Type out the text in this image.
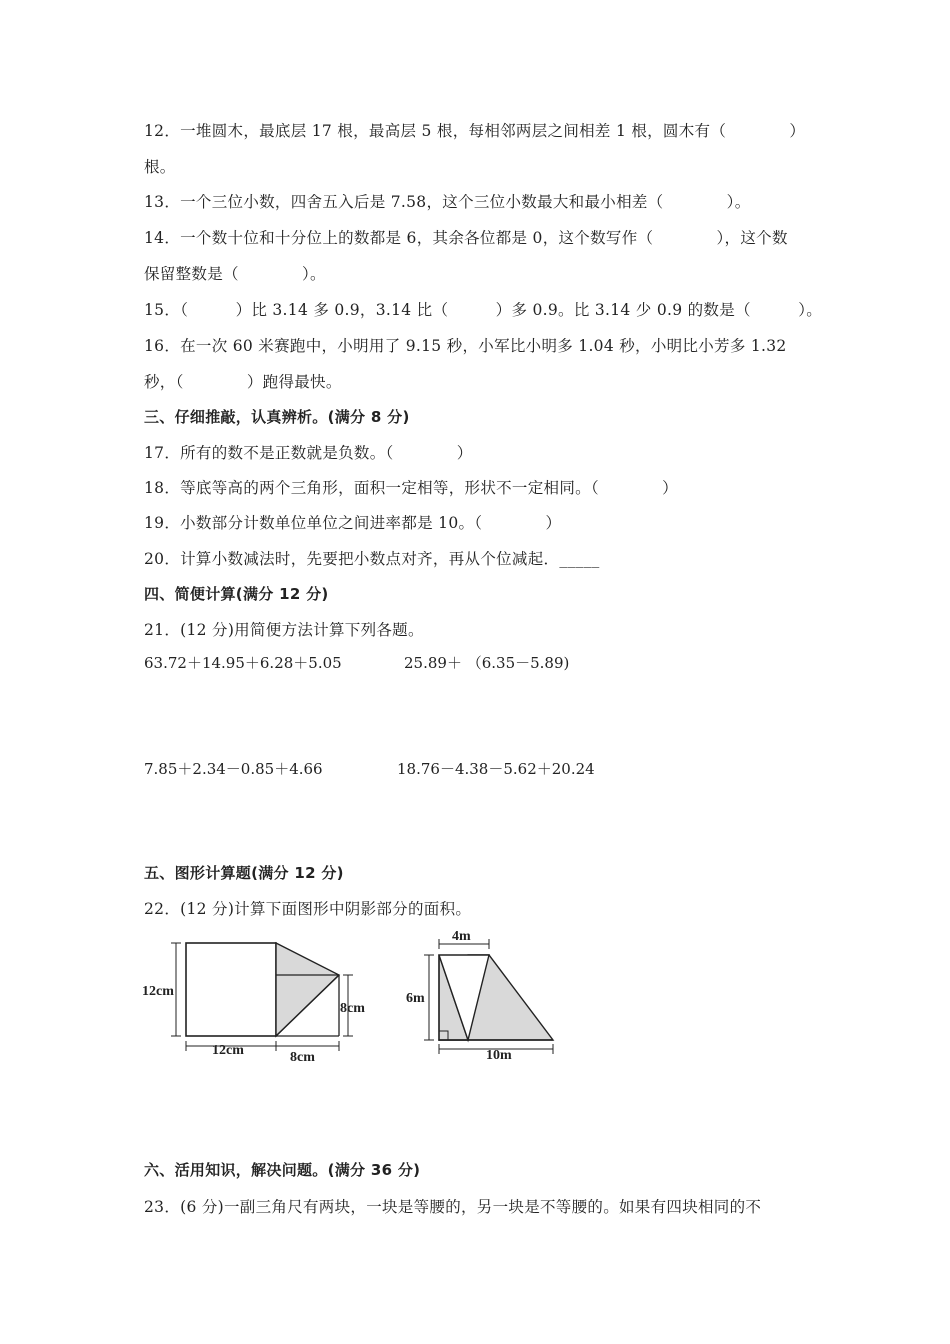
12．一堆圆木，最底层 17 根，最高层 5 根，每相邻两层之间相差 1 根，圆木有（　　　　）
根。
13．一个三位小数，四舍五入后是 7.58，这个三位小数最大和最小相差（　　　　）。
14．一个数十位和十分位上的数都是 6，其余各位都是 0，这个数写作（　　　　），这个数
保留整数是（　　　　）。
15．（　　　）比 3.14 多 0.9，3.14 比（　　　）多 0.9。比 3.14 少 0.9 的数是（　　　）。
16．在一次 60 米赛跑中，小明用了 9.15 秒，小军比小明多 1.04 秒，小明比小芳多 1.32
秒，（　　　　）跑得最快。
三、仔细推敲，认真辨析。(满分 8 分)
17．所有的数不是正数就是负数。（　　　　）
18．等底等高的两个三角形，面积一定相等，形状不一定相同。（　　　　）
19．小数部分计数单位单位之间进率都是 10。（　　　　）
20．计算小数减法时，先要把小数点对齐，再从个位减起．_____
四、简便计算(满分 12 分)
21．(12 分)用简便方法计算下列各题。
63.72＋14.95＋6.28＋5.05	25.89＋ （6.35－5.89)
7.85＋2.34－0.85＋4.66	18.76－4.38－5.62＋20.24
五、图形计算题(满分 12 分)
22．(12 分)计算下面图形中阴影部分的面积。
12cm
12cm	8cm
8cm
4m
6m
10m
六、活用知识，解决问题。(满分 36 分)
23．(6 分)一副三角尺有两块，一块是等腰的，另一块是不等腰的。如果有四块相同的不
